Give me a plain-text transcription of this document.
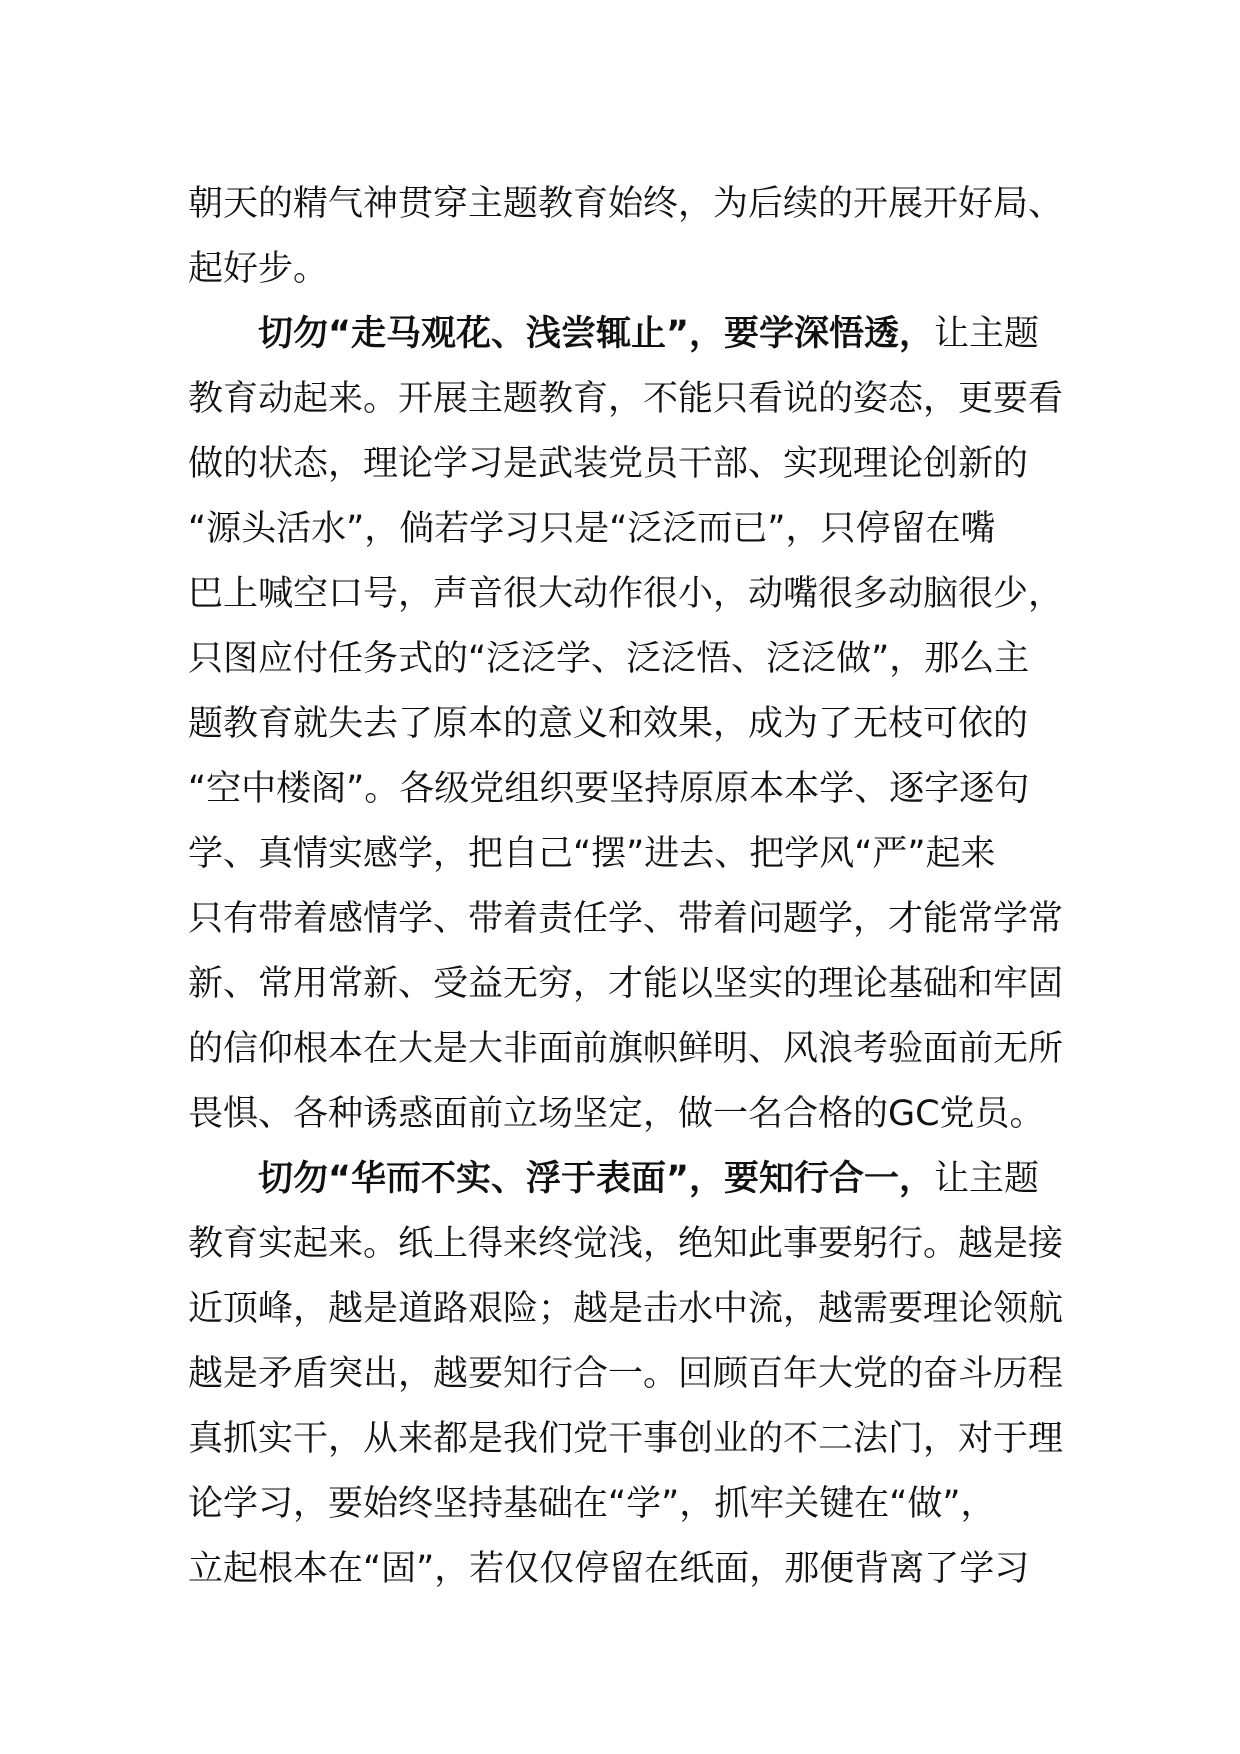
朝天的精气神贯穿主题教育始终，为后续的开展开好局、
起好步。
切勿“走马观花、浅尝辄止”，要学深悟透，让主题
教育动起来。开展主题教育，不能只看说的姿态，更要看
做的状态，理论学习是武装党员干部、实现理论创新的
“源头活水”，倘若学习只是“泛泛而已”，只停留在嘴
巴上喊空口号，声音很大动作很小，动嘴很多动脑很少，
只图应付任务式的“泛泛学、泛泛悟、泛泛做”，那么主
题教育就失去了原本的意义和效果，成为了无枝可依的
“空中楼阁”。各级党组织要坚持原原本本学、逐字逐句
学、真情实感学，把自己“摆”进去、把学风“严”起来
只有带着感情学、带着责任学、带着问题学，才能常学常
新、常用常新、受益无穷，才能以坚实的理论基础和牢固
的信仰根本在大是大非面前旗帜鲜明、风浪考验面前无所
畏惧、各种诱惑面前立场坚定，做一名合格的GC党员。
切勿“华而不实、浮于表面”，要知行合一，让主题
教育实起来。纸上得来终觉浅，绝知此事要躬行。越是接
近顶峰，越是道路艰险；越是击水中流，越需要理论领航
越是矛盾突出，越要知行合一。回顾百年大党的奋斗历程
真抓实干，从来都是我们党干事创业的不二法门，对于理
论学习，要始终坚持基础在“学”，抓牢关键在“做”，
立起根本在“固”，若仅仅停留在纸面，那便背离了学习
